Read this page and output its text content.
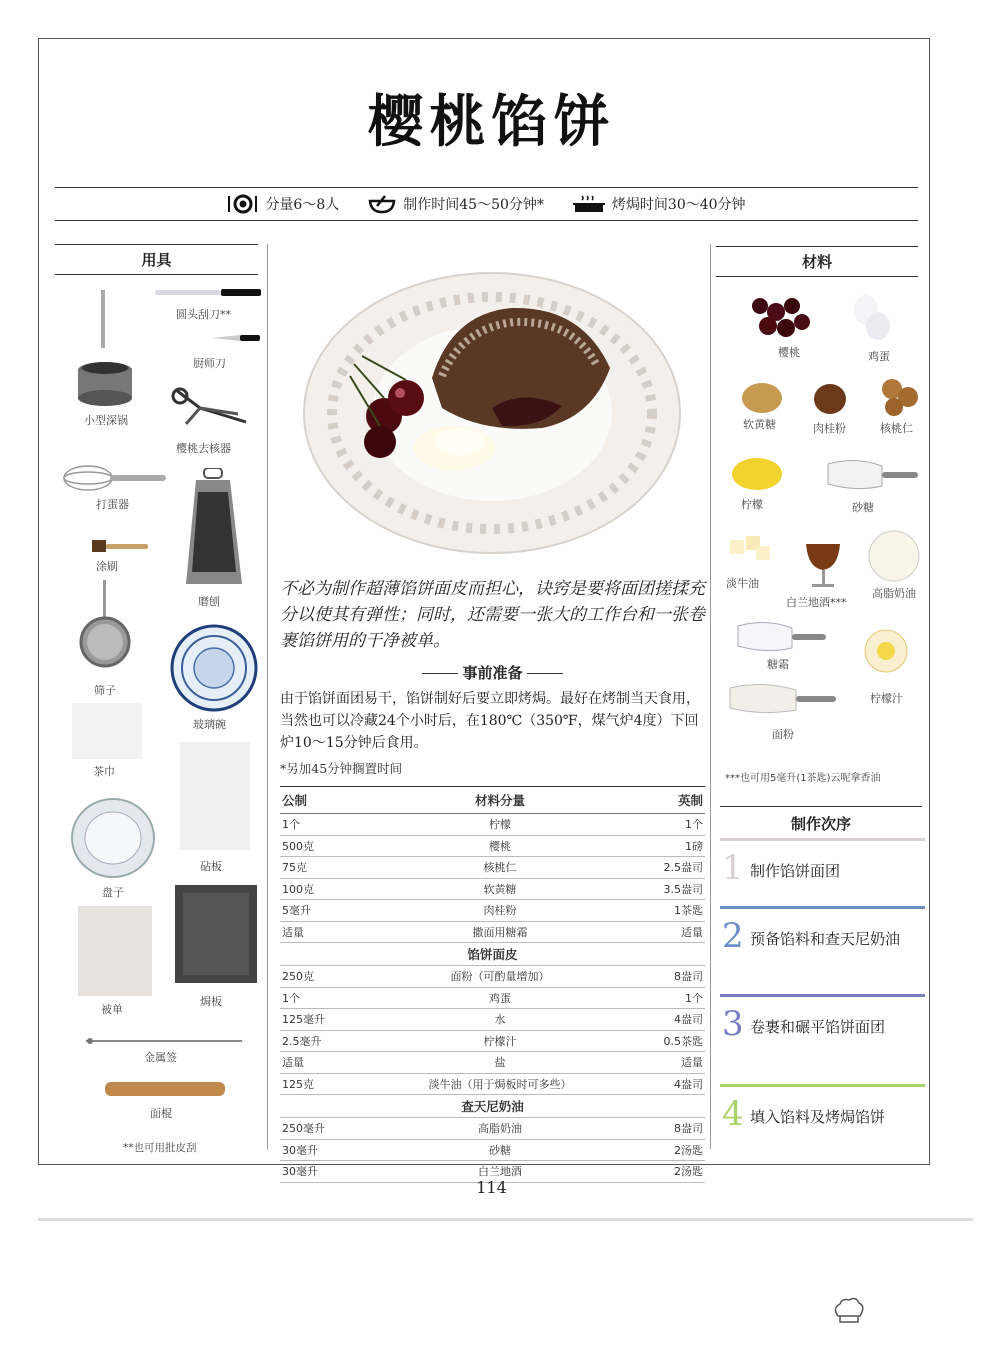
樱桃馅饼
分量6～8人	制作时间45～50分钟*	烤焗时间30～40分钟
用具
圆头刮刀**
厨师刀
小型深锅
樱桃去核器
打蛋器
涂刷
磨刨
筛子
玻璃碗
茶巾
砧板
盘子
焗板
被单
金属签
面棍
**也可用批皮刮
不必为制作超薄馅饼面皮而担心，诀窍是要将面团搓揉充分以使其有弹性；同时，还需要一张大的工作台和一张卷裹馅饼用的干净被单。
事前准备
由于馅饼面团易干，馅饼制好后要立即烤焗。最好在烤制当天食用，当然也可以冷藏24个小时后，在180℃（350℉，煤气炉4度）下回炉10～15分钟后食用。
*另加45分钟搁置时间
公制	材料分量	英制
1个	柠檬	1个
500克	樱桃	1磅
75克	核桃仁	2.5盎司
100克	软黄糖	3.5盎司
5毫升	肉桂粉	1茶匙
适量	撒面用糖霜	适量
馅饼面皮		
250克	面粉（可酌量增加）	8盎司
1个	鸡蛋	1个
125毫升	水	4盎司
2.5毫升	柠檬汁	0.5茶匙
适量	盐	适量
125克	淡牛油（用于焗板时可多些）	4盎司
查天尼奶油		
250毫升	高脂奶油	8盎司
30毫升	砂糖	2汤匙
30毫升	白兰地酒	2汤匙
材料
樱桃	鸡蛋
软黄糖	肉桂粉	核桃仁
柠檬	砂糖
淡牛油
白兰地酒***
高脂奶油
糖霜
柠檬汁
面粉
***也可用5毫升(1茶匙)云呢拿香油
制作次序
1 制作馅饼面团
2 预备馅料和查天尼奶油
3 卷裹和碾平馅饼面团
4 填入馅料及烤焗馅饼
114
